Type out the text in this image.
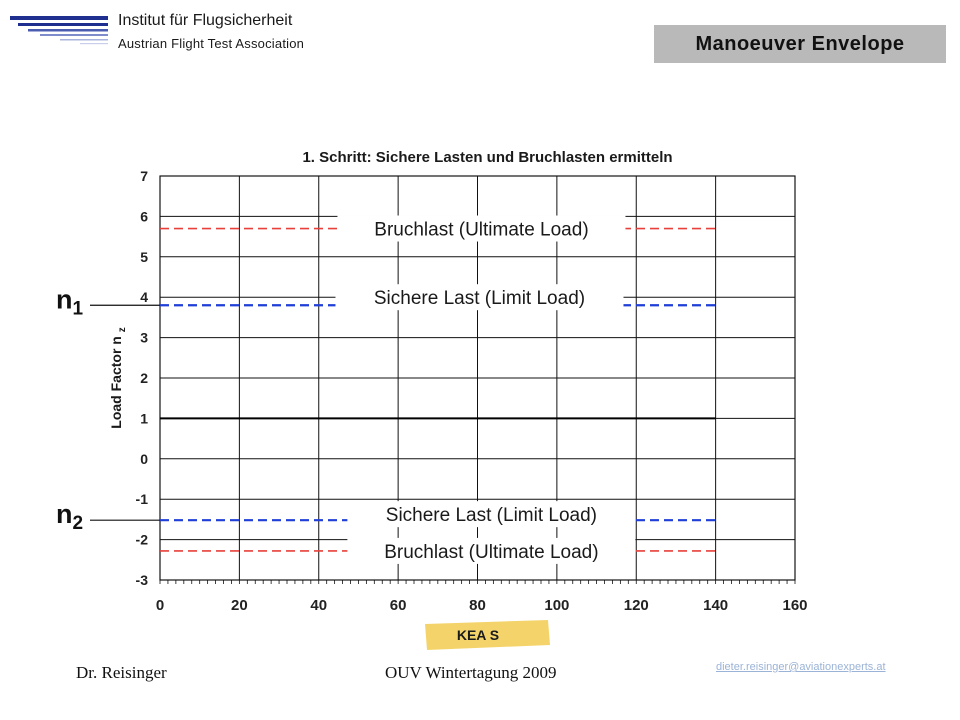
Institut für Flugsicherheit
Austrian Flight Test Association	Manoeuver Envelope
0	20	40	60	80	100	120	140	160
-3
-2
-1
0
1
2
3
4
5
6
7
1. Schritt: Sichere Lasten und Bruchlasten ermitteln
Load Factor n $_z$
KEA S
Bruchlast (Ultimate Load)
Sichere Last (Limit Load)
Sichere Last (Limit Load)
Bruchlast (Ultimate Load)
$n_1$
$n_2$
Dr. Reisinger	OUV Wintertagung 2009	dieter.reisinger@aviationexperts.at
